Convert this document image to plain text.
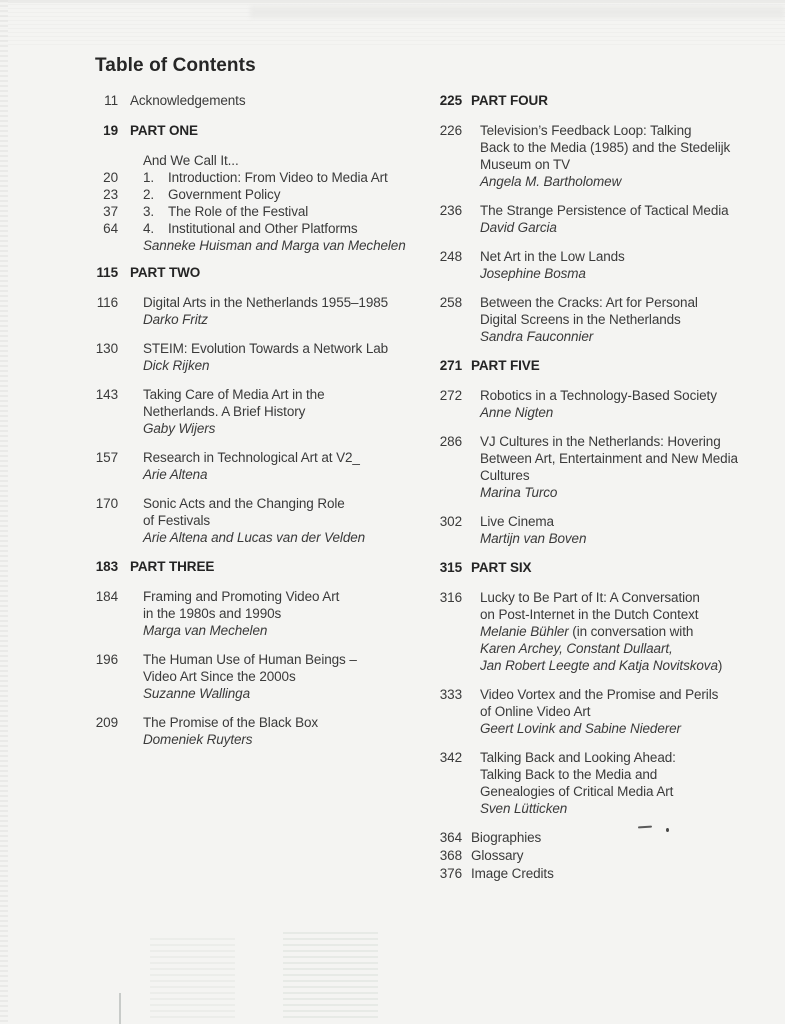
Table of Contents
11 Acknowledgements
19 PART ONE
And We Call It...
20 1. Introduction: From Video to Media Art
23 2. Government Policy
37 3. The Role of the Festival
64 4. Institutional and Other Platforms
Sanneke Huisman and Marga van Mechelen
115 PART TWO
116 Digital Arts in the Netherlands 1955–1985
Darko Fritz
130 STEIM: Evolution Towards a Network Lab
Dick Rijken
143 Taking Care of Media Art in the
Netherlands. A Brief History
Gaby Wijers
157 Research in Technological Art at V2_
Arie Altena
170 Sonic Acts and the Changing Role
of Festivals
Arie Altena and Lucas van der Velden
183 PART THREE
184 Framing and Promoting Video Art
in the 1980s and 1990s
Marga van Mechelen
196 The Human Use of Human Beings –
Video Art Since the 2000s
Suzanne Wallinga
209 The Promise of the Black Box
Domeniek Ruyters
225 PART FOUR
226 Television’s Feedback Loop: Talking
Back to the Media (1985) and the Stedelijk
Museum on TV
Angela M. Bartholomew
236 The Strange Persistence of Tactical Media
David Garcia
248 Net Art in the Low Lands
Josephine Bosma
258 Between the Cracks: Art for Personal
Digital Screens in the Netherlands
Sandra Fauconnier
271 PART FIVE
272 Robotics in a Technology-Based Society
Anne Nigten
286 VJ Cultures in the Netherlands: Hovering
Between Art, Entertainment and New Media
Cultures
Marina Turco
302 Live Cinema
Martijn van Boven
315 PART SIX
316 Lucky to Be Part of It: A Conversation
on Post-Internet in the Dutch Context
Melanie Bühler (in conversation with
Karen Archey, Constant Dullaart,
Jan Robert Leegte and Katja Novitskova)
333 Video Vortex and the Promise and Perils
of Online Video Art
Geert Lovink and Sabine Niederer
342 Talking Back and Looking Ahead:
Talking Back to the Media and
Genealogies of Critical Media Art
Sven Lütticken
364 Biographies
368 Glossary
376 Image Credits
